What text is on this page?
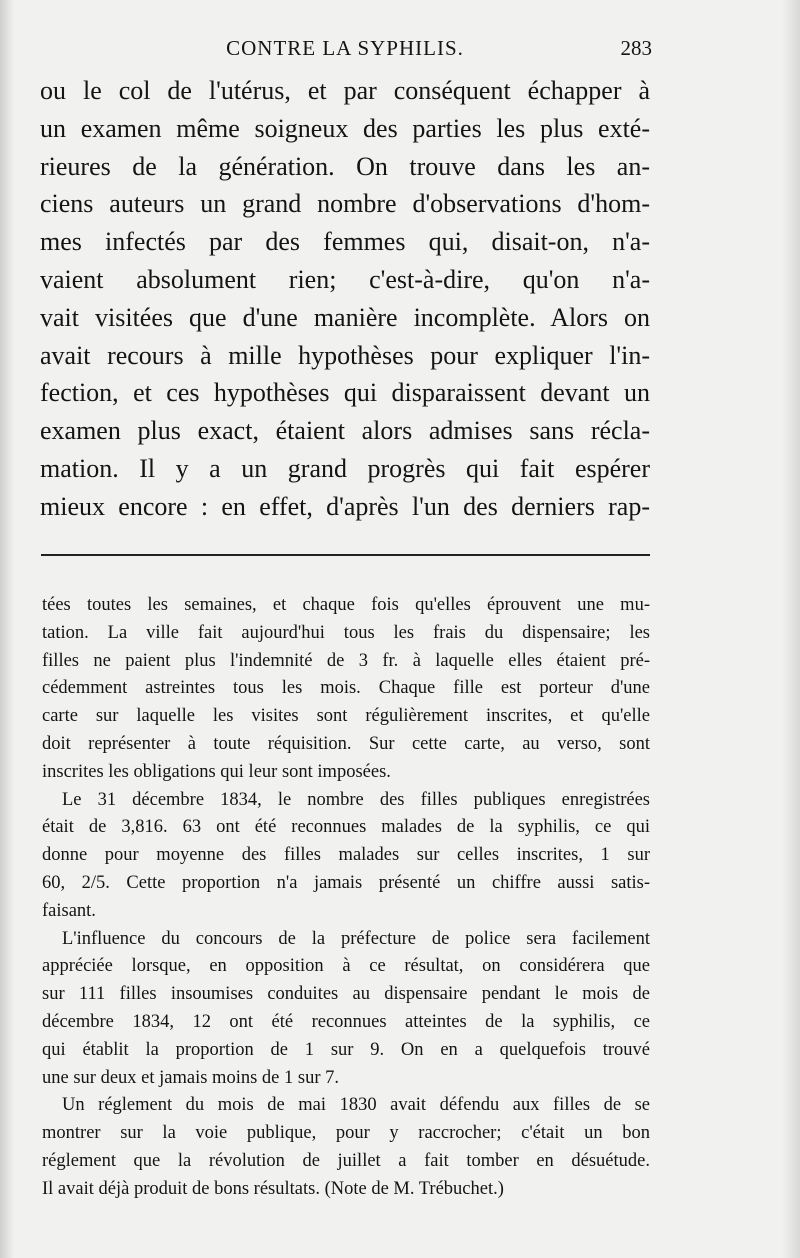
CONTRE LA SYPHILIS.	283
ou le col de l'utérus, et par conséquent échapper à
un examen même soigneux des parties les plus exté-
rieures de la génération. On trouve dans les an-
ciens auteurs un grand nombre d'observations d'hom-
mes infectés par des femmes qui, disait-on, n'a-
vaient absolument rien; c'est-à-dire, qu'on n'a-
vait visitées que d'une manière incomplète. Alors on
avait recours à mille hypothèses pour expliquer l'in-
fection, et ces hypothèses qui disparaissent devant un
examen plus exact, étaient alors admises sans récla-
mation. Il y a un grand progrès qui fait espérer
mieux encore : en effet, d'après l'un des derniers rap-
tées toutes les semaines, et chaque fois qu'elles éprouvent une mu-
tation. La ville fait aujourd'hui tous les frais du dispensaire; les
filles ne paient plus l'indemnité de 3 fr. à laquelle elles étaient pré-
cédemment astreintes tous les mois. Chaque fille est porteur d'une
carte sur laquelle les visites sont régulièrement inscrites, et qu'elle
doit représenter à toute réquisition. Sur cette carte, au verso, sont
inscrites les obligations qui leur sont imposées.
Le 31 décembre 1834, le nombre des filles publiques enregistrées
était de 3,816. 63 ont été reconnues malades de la syphilis, ce qui
donne pour moyenne des filles malades sur celles inscrites, 1 sur
60, 2/5. Cette proportion n'a jamais présenté un chiffre aussi satis-
faisant.
L'influence du concours de la préfecture de police sera facilement
appréciée lorsque, en opposition à ce résultat, on considérera que
sur 111 filles insoumises conduites au dispensaire pendant le mois de
décembre 1834, 12 ont été reconnues atteintes de la syphilis, ce
qui établit la proportion de 1 sur 9. On en a quelquefois trouvé
une sur deux et jamais moins de 1 sur 7.
Un réglement du mois de mai 1830 avait défendu aux filles de se
montrer sur la voie publique, pour y raccrocher; c'était un bon
réglement que la révolution de juillet a fait tomber en désuétude.
Il avait déjà produit de bons résultats. (Note de M. Trébuchet.)
